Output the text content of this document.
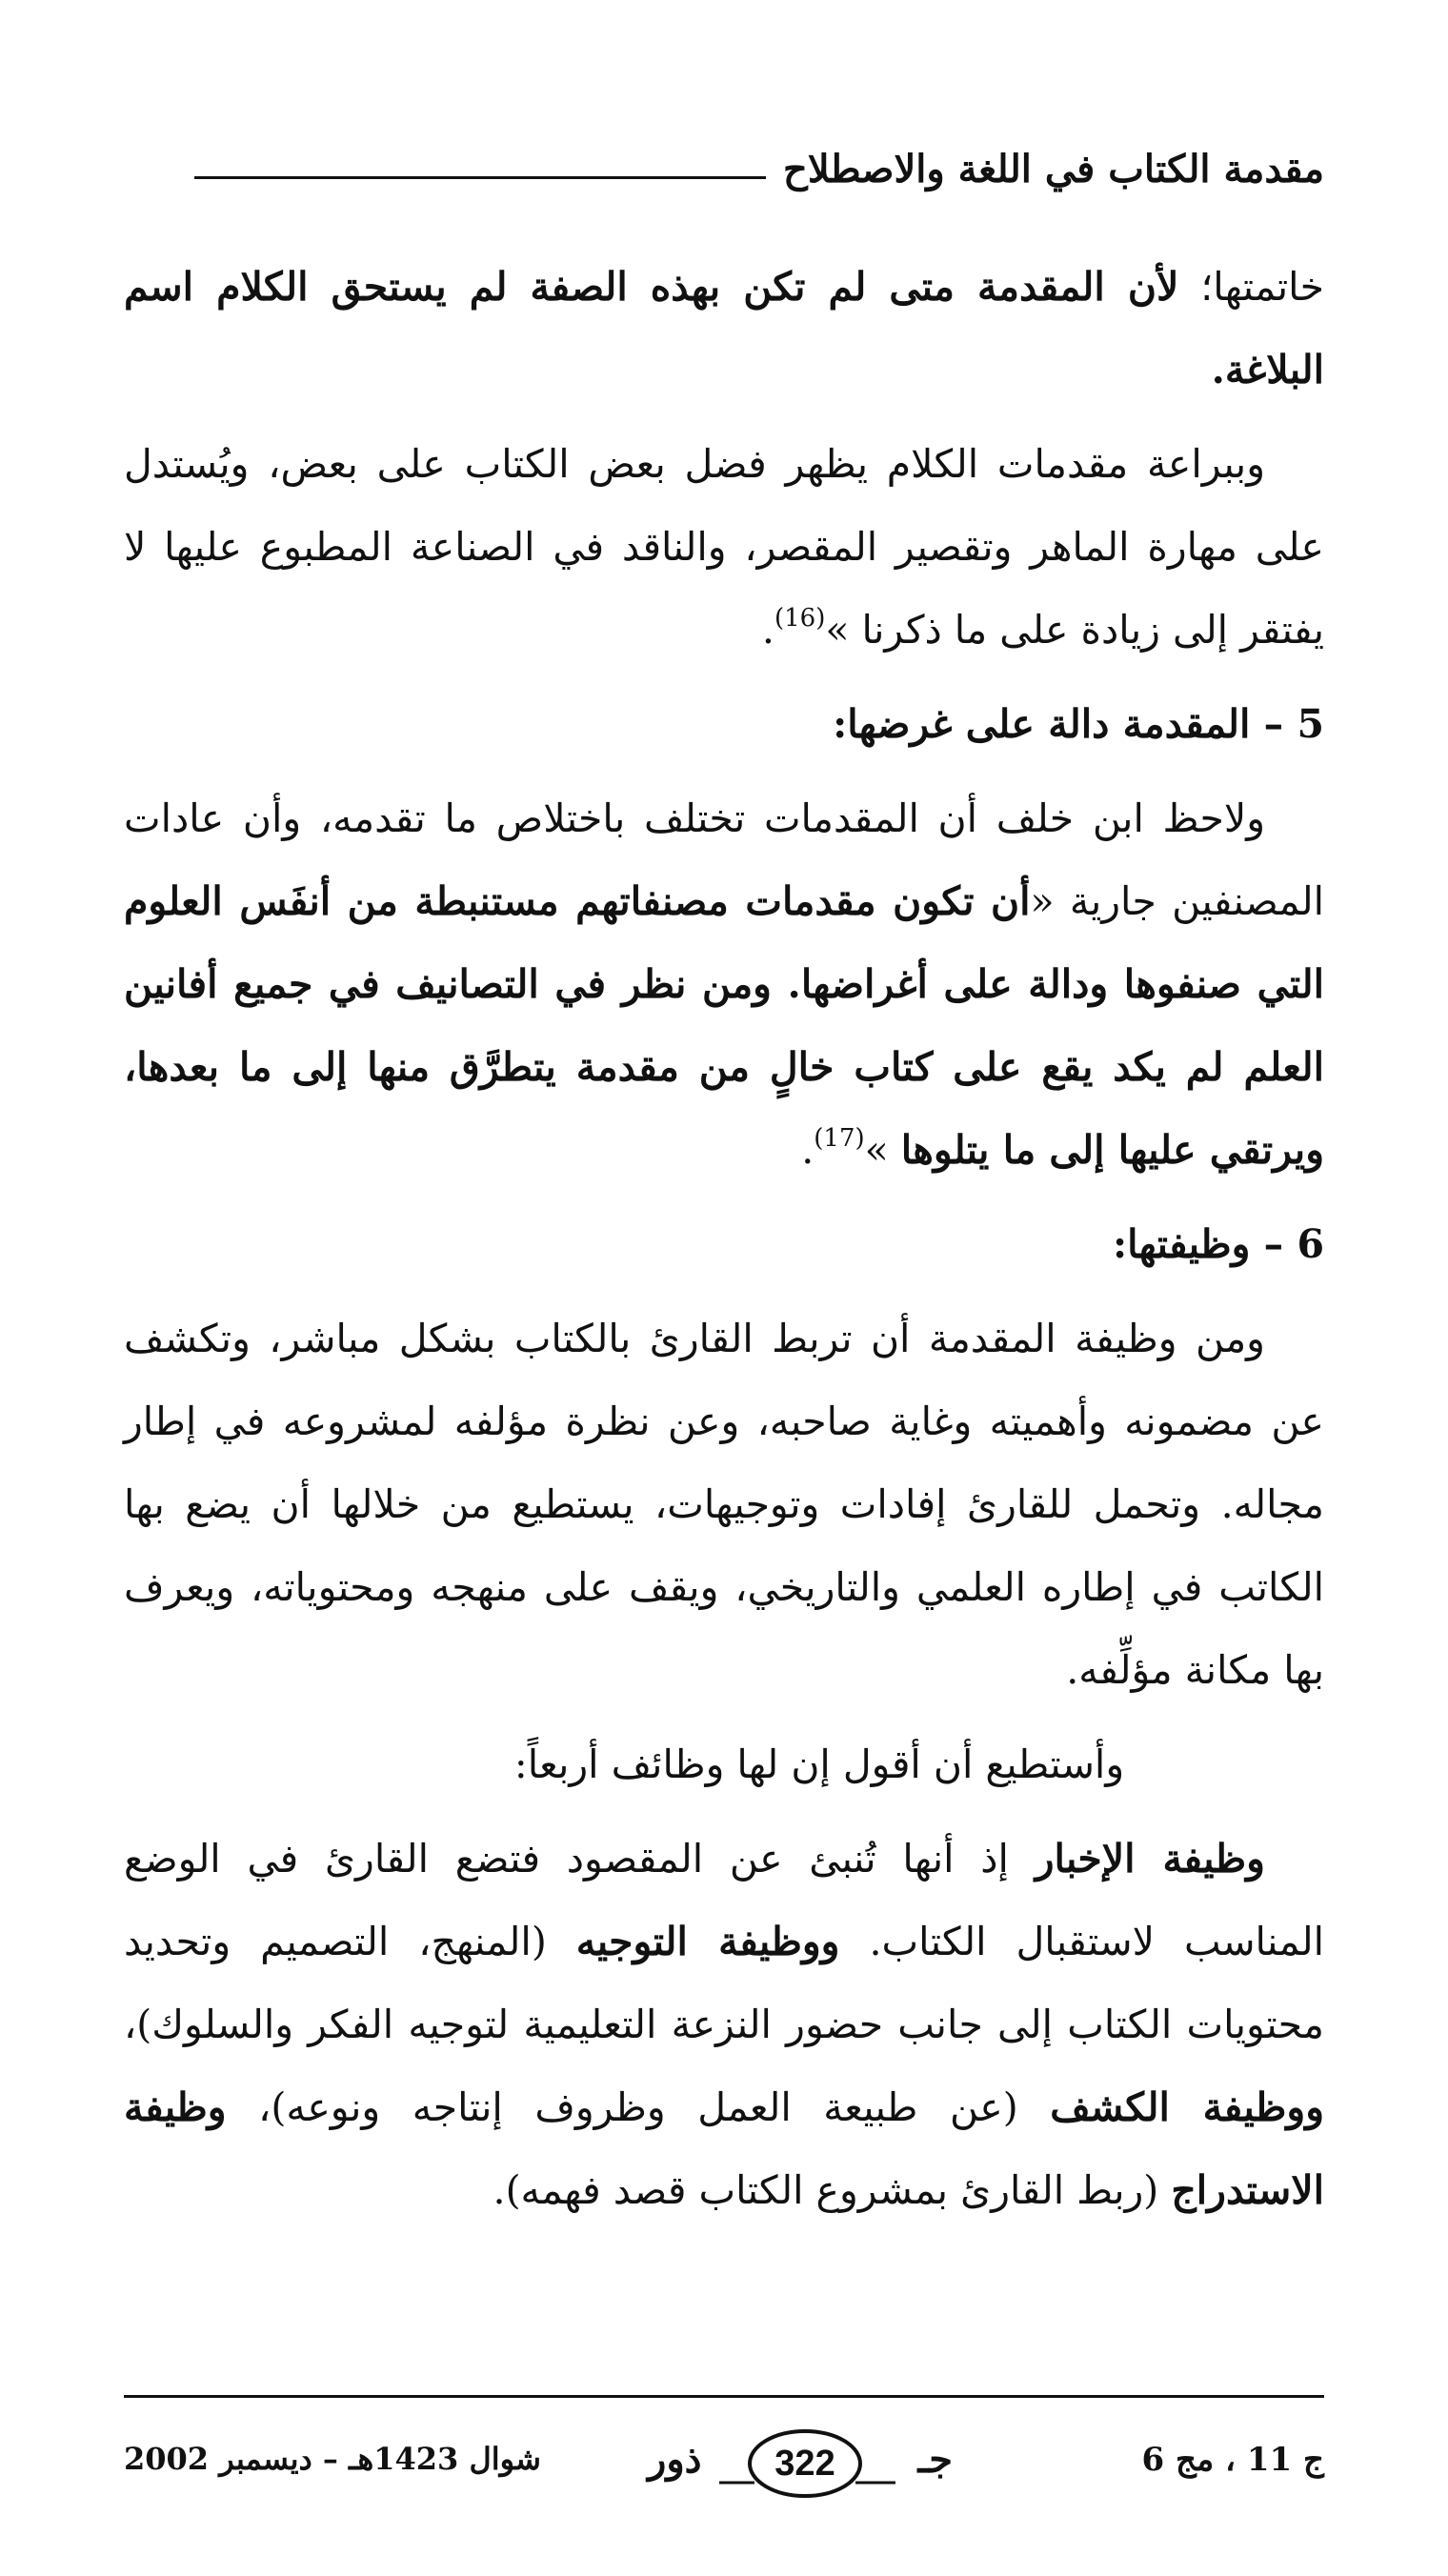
مقدمة الكتاب في اللغة والاصطلاح

خاتمتها؛ لأن المقدمة متى لم تكن بهذه الصفة لم يستحق الكلام اسم البلاغة.

وببراعة مقدمات الكلام يظهر فضل بعض الكتاب على بعض، ويُستدل على مهارة الماهر وتقصير المقصر، والناقد في الصناعة المطبوع عليها لا يفتقر إلى زيادة على ما ذكرنا »$^{(16)}$.

5 – المقدمة دالة على غرضها:

ولاحظ ابن خلف أن المقدمات تختلف باختلاص ما تقدمه، وأن عادات المصنفين جارية «أن تكون مقدمات مصنفاتهم مستنبطة من أنفَس العلوم التي صنفوها ودالة على أغراضها. ومن نظر في التصانيف في جميع أفانين العلم لم يكد يقع على كتاب خالٍ من مقدمة يتطرَّق منها إلى ما بعدها، ويرتقي عليها إلى ما يتلوها »$^{(17)}$.

6 – وظيفتها:

ومن وظيفة المقدمة أن تربط القارئ بالكتاب بشكل مباشر، وتكشف عن مضمونه وأهميته وغاية صاحبه، وعن نظرة مؤلفه لمشروعه في إطار مجاله. وتحمل للقارئ إفادات وتوجيهات، يستطيع من خلالها أن يضع بها الكاتب في إطاره العلمي والتاريخي، ويقف على منهجه ومحتوياته، ويعرف بها مكانة مؤلِّفه.

وأستطيع أن أقول إن لها وظائف أربعاً:

وظيفة الإخبار إذ أنها تُنبئ عن المقصود فتضع القارئ في الوضع المناسب لاستقبال الكتاب. ووظيفة التوجيه (المنهج، التصميم وتحديد محتويات الكتاب إلى جانب حضور النزعة التعليمية لتوجيه الفكر والسلوك)، ووظيفة الكشف (عن طبيعة العمل وظروف إنتاجه ونوعه)، وظيفة الاستدراج (ربط القارئ بمشروع الكتاب قصد فهمه).

ج 11 ، مج 6
322	جـ
ذور
شوال 1423هـ – ديسمبر 2002
